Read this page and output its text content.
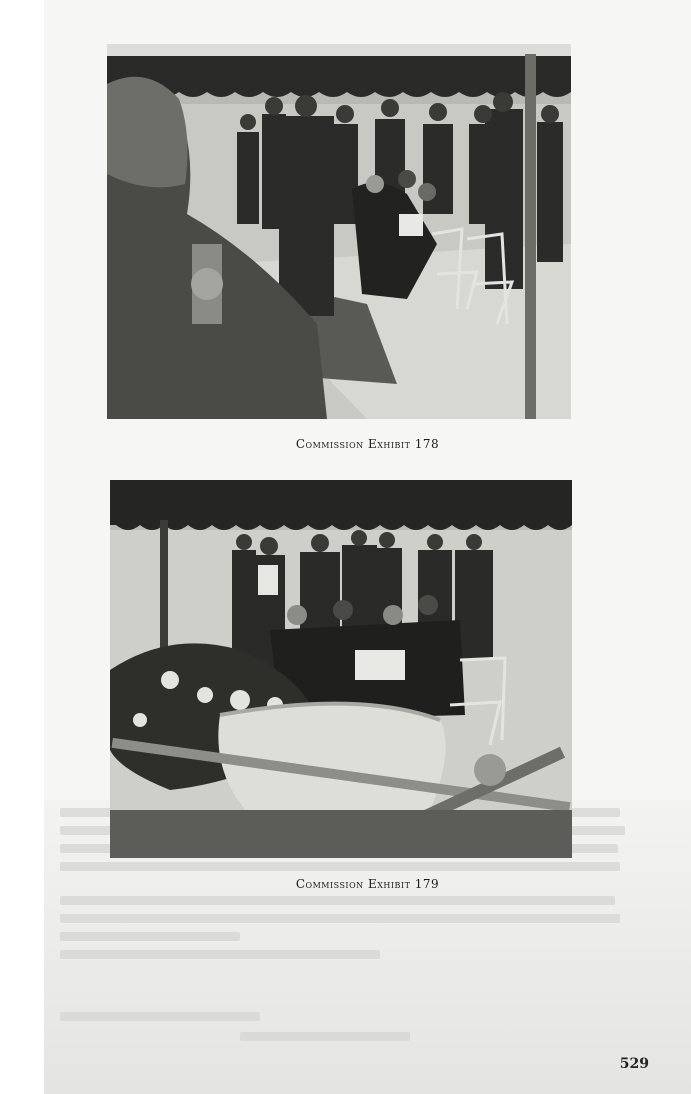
Commission Exhibit 178
Commission Exhibit 179
529
